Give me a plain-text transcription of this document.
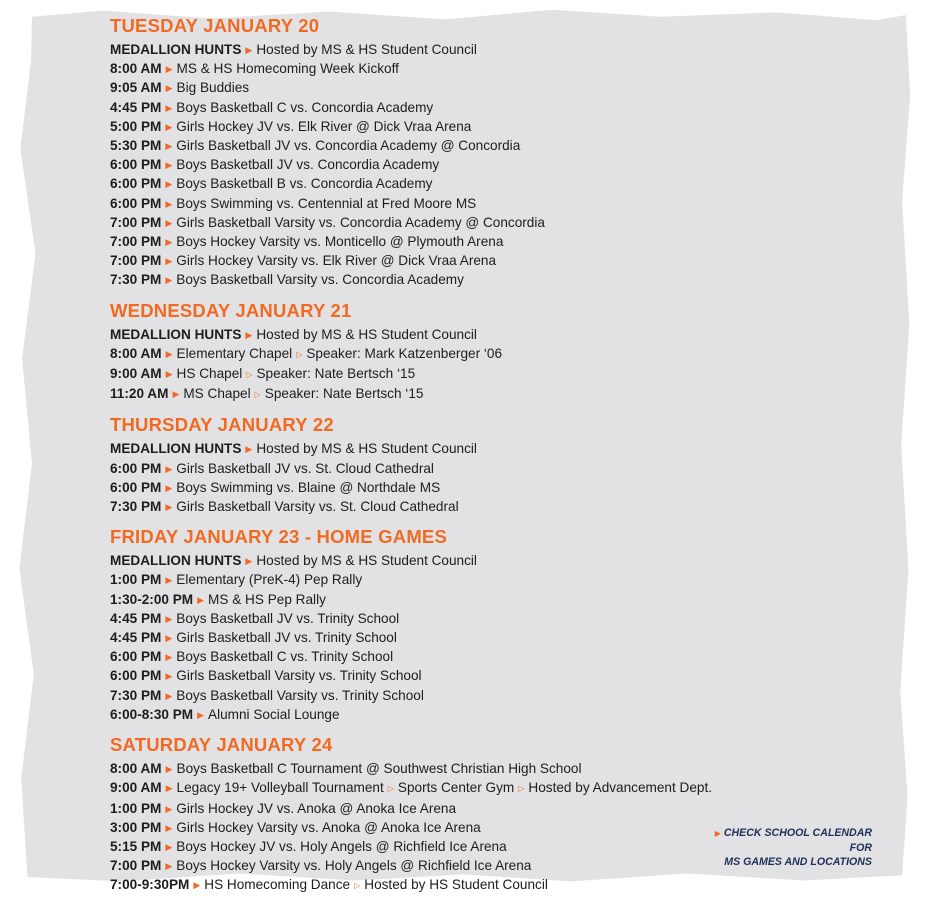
TUESDAY JANUARY 20
MEDALLION HUNTS ▶ Hosted by MS & HS Student Council
8:00 AM ▶ MS & HS Homecoming Week Kickoff
9:05 AM ▶ Big Buddies
4:45 PM ▶ Boys Basketball C vs. Concordia Academy
5:00 PM ▶ Girls Hockey JV vs. Elk River @ Dick Vraa Arena
5:30 PM ▶ Girls Basketball JV vs. Concordia Academy @ Concordia
6:00 PM ▶ Boys Basketball JV vs. Concordia Academy
6:00 PM ▶ Boys Basketball B vs. Concordia Academy
6:00 PM ▶ Boys Swimming vs. Centennial at Fred Moore MS
7:00 PM ▶ Girls Basketball Varsity vs. Concordia Academy @ Concordia
7:00 PM ▶ Boys Hockey Varsity vs. Monticello @ Plymouth Arena
7:00 PM ▶ Girls Hockey Varsity vs. Elk River @ Dick Vraa Arena
7:30 PM ▶ Boys Basketball Varsity vs. Concordia Academy
WEDNESDAY JANUARY 21
MEDALLION HUNTS ▶ Hosted by MS & HS Student Council
8:00 AM ▶ Elementary Chapel ▷ Speaker: Mark Katzenberger ‘06
9:00 AM ▶ HS Chapel ▷ Speaker: Nate Bertsch ‘15
11:20 AM ▶ MS Chapel ▷ Speaker: Nate Bertsch ‘15
THURSDAY JANUARY 22
MEDALLION HUNTS ▶ Hosted by MS & HS Student Council
6:00 PM ▶ Girls Basketball JV vs. St. Cloud Cathedral
6:00 PM ▶ Boys Swimming vs. Blaine @ Northdale MS
7:30 PM ▶ Girls Basketball Varsity vs. St. Cloud Cathedral
FRIDAY JANUARY 23 - HOME GAMES
MEDALLION HUNTS ▶ Hosted by MS & HS Student Council
1:00 PM ▶ Elementary (PreK-4) Pep Rally
1:30-2:00 PM ▶ MS & HS Pep Rally
4:45 PM ▶ Boys Basketball JV vs. Trinity School
4:45 PM ▶ Girls Basketball JV vs. Trinity School
6:00 PM ▶ Boys Basketball C vs. Trinity School
6:00 PM ▶ Girls Basketball Varsity vs. Trinity School
7:30 PM ▶ Boys Basketball Varsity vs. Trinity School
6:00-8:30 PM ▶ Alumni Social Lounge
SATURDAY JANUARY 24
8:00 AM ▶ Boys Basketball C Tournament @ Southwest Christian High School
9:00 AM ▶ Legacy 19+ Volleyball Tournament ▷ Sports Center Gym ▷ Hosted by Advancement Dept.
1:00 PM ▶ Girls Hockey JV vs. Anoka @ Anoka Ice Arena
3:00 PM ▶ Girls Hockey Varsity vs. Anoka @ Anoka Ice Arena
5:15 PM ▶ Boys Hockey JV vs. Holy Angels @ Richfield Ice Arena
7:00 PM ▶ Boys Hockey Varsity vs. Holy Angels @ Richfield Ice Arena
7:00-9:30PM ▶ HS Homecoming Dance ▷ Hosted by HS Student Council
▶ CHECK SCHOOL CALENDAR FOR
MS GAMES AND LOCATIONS
